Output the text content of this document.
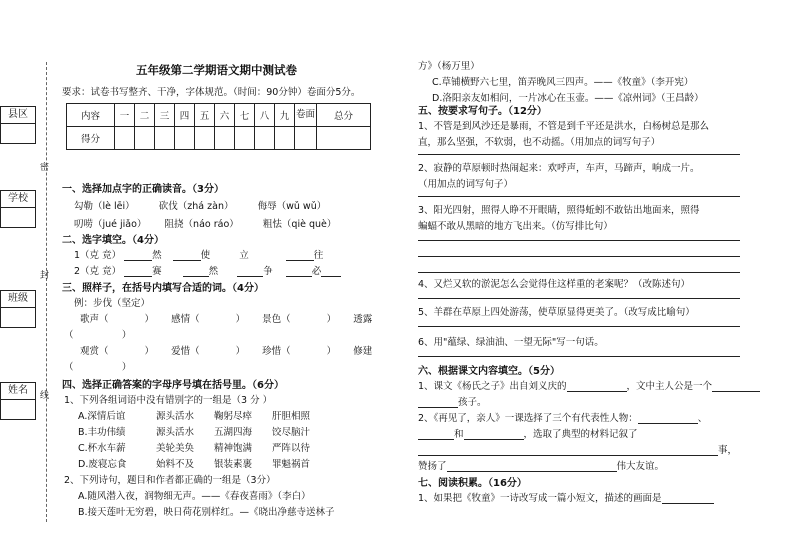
县区
学校
班级
姓名
密
封
线
五年级第二学期语文期中测试卷
要求：试卷书写整齐、干净，字体规范。（时间：90分钟）卷面分5分。
内容	一	二	三	四	五	六	七	八	九	卷面	总分
得分											
一、选择加点字的正确读音。（3分）
勾勒（lè lēi）        砍伐（zhá zàn）        侮辱（wǔ wǔ）
叨唠（jué jiǎo）      阻挠（náo ráo）        粗怯（qiè què）
二、选字填空。（4分）
1（克 竞）	然	使	立	往
2（克 竞）	赛	然	争	必
三、照样子，在括号内填写合适的词。（4分）
例：步伐（坚定）
歌声（	） 感情（	） 景色（	） 透露
（                ）
观赏（	） 爱惜（	） 珍惜（	） 修建
（                ）
四、选择正确答案的字母序号填在括号里。（6分）
1、下列各组词语中没有错别字的一组是（3 分 ）
A.深情后谊	源头活水 鞠躬尽瘁 肝胆相照
B.丰功伟绩	源头活水 五湖四海 饺尽脑汁
C.杯水车薪	美轮美奂 精神饱满 严阵以待
D.废寝忘食	始料不及 银装素裹 罪魁祸首
2、下列诗句，题目和作者都正确的一组是（3分）
A.随风潜入夜，润物细无声。——《春夜喜雨》（李白）
B.接天莲叶无穷碧，映日荷花别样红。—《晓出净慈寺送林子
方》（杨万里）
C.草铺横野六七里，笛弄晚风三四声。——《牧童》（李开宪）
D.洛阳亲友如相问，一片冰心在玉壶。——《凉州词》（王昌龄）
五、按要求写句子。（12分）
1、不管是到风沙还是暴雨，不管是到千平还是洪水，白杨树总是那么
直，那么坚强，不软弱，也不动摇。（用加点的词写句子）
2、寂静的草原顿时热闹起来：欢呼声，车声，马蹄声，响成一片。
（用加点的词写句子）
3、阳光四射，照得人睁不开眼睛，照得蚯蚓不敢钻出地面来，照得
蝙蝠不敢从黑暗的地方飞出来。（仿写排比句）
4、又烂又软的淤泥怎么会觉得住这样重的老案呢？（改陈述句）
5、羊群在草原上四处游荡，使草原显得更美了。（改写成比喻句）
6、用"蕴绿、绿油油、一望无际"写一句话。
六、根据课文内容填空。（5分）
1、课文《杨氏之子》出自刘义庆的	，文中主人公是一个
孩子。
2、《再见了，亲人》一课选择了三个有代表性人物：	、
和	，选取了典型的材料记叙了
事，
赞扬了	伟大友谊。
七、阅读积累。（16分）
1、如果把《牧童》一诗改写成一篇小短文，描述的画面是
